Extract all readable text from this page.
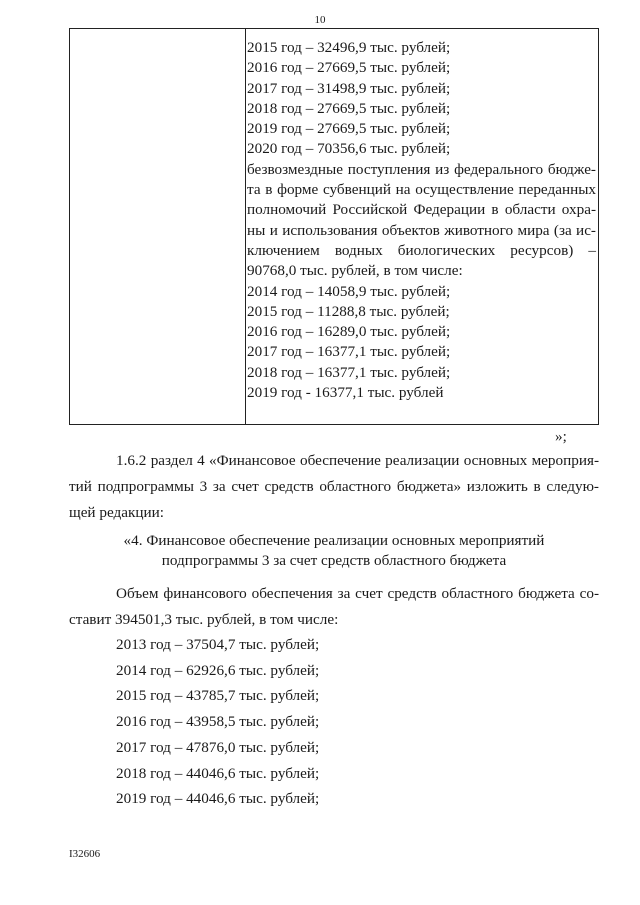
10
2015 год – 32496,9 тыс. рублей;
2016 год – 27669,5 тыс. рублей;
2017 год – 31498,9 тыс. рублей;
2018 год – 27669,5 тыс. рублей;
2019 год – 27669,5 тыс. рублей;
2020 год – 70356,6 тыс. рублей;
безвозмездные поступления из федерального бюдже-
та в форме субвенций на осуществление переданных
полномочий Российской Федерации в области охра-
ны и использования объектов животного мира (за ис-
ключением водных биологических ресурсов) –
90768,0 тыс. рублей, в том числе:
2014 год – 14058,9 тыс. рублей;
2015 год – 11288,8 тыс. рублей;
2016 год – 16289,0 тыс. рублей;
2017 год – 16377,1 тыс. рублей;
2018 год – 16377,1 тыс. рублей;
2019 год - 16377,1 тыс. рублей
»;
1.6.2 раздел 4 «Финансовое обеспечение реализации основных мероприя-
тий подпрограммы 3 за счет средств областного бюджета» изложить в следую-
щей редакции:
«4. Финансовое обеспечение реализации основных мероприятий
подпрограммы 3 за счет средств областного бюджета
Объем финансового обеспечения за счет средств областного бюджета со-
ставит 394501,3 тыс. рублей, в том числе:
2013 год – 37504,7 тыс. рублей;
2014 год – 62926,6 тыс. рублей;
2015 год – 43785,7 тыс. рублей;
2016 год – 43958,5 тыс. рублей;
2017 год – 47876,0 тыс. рублей;
2018 год – 44046,6 тыс. рублей;
2019 год – 44046,6 тыс. рублей;
I32606
